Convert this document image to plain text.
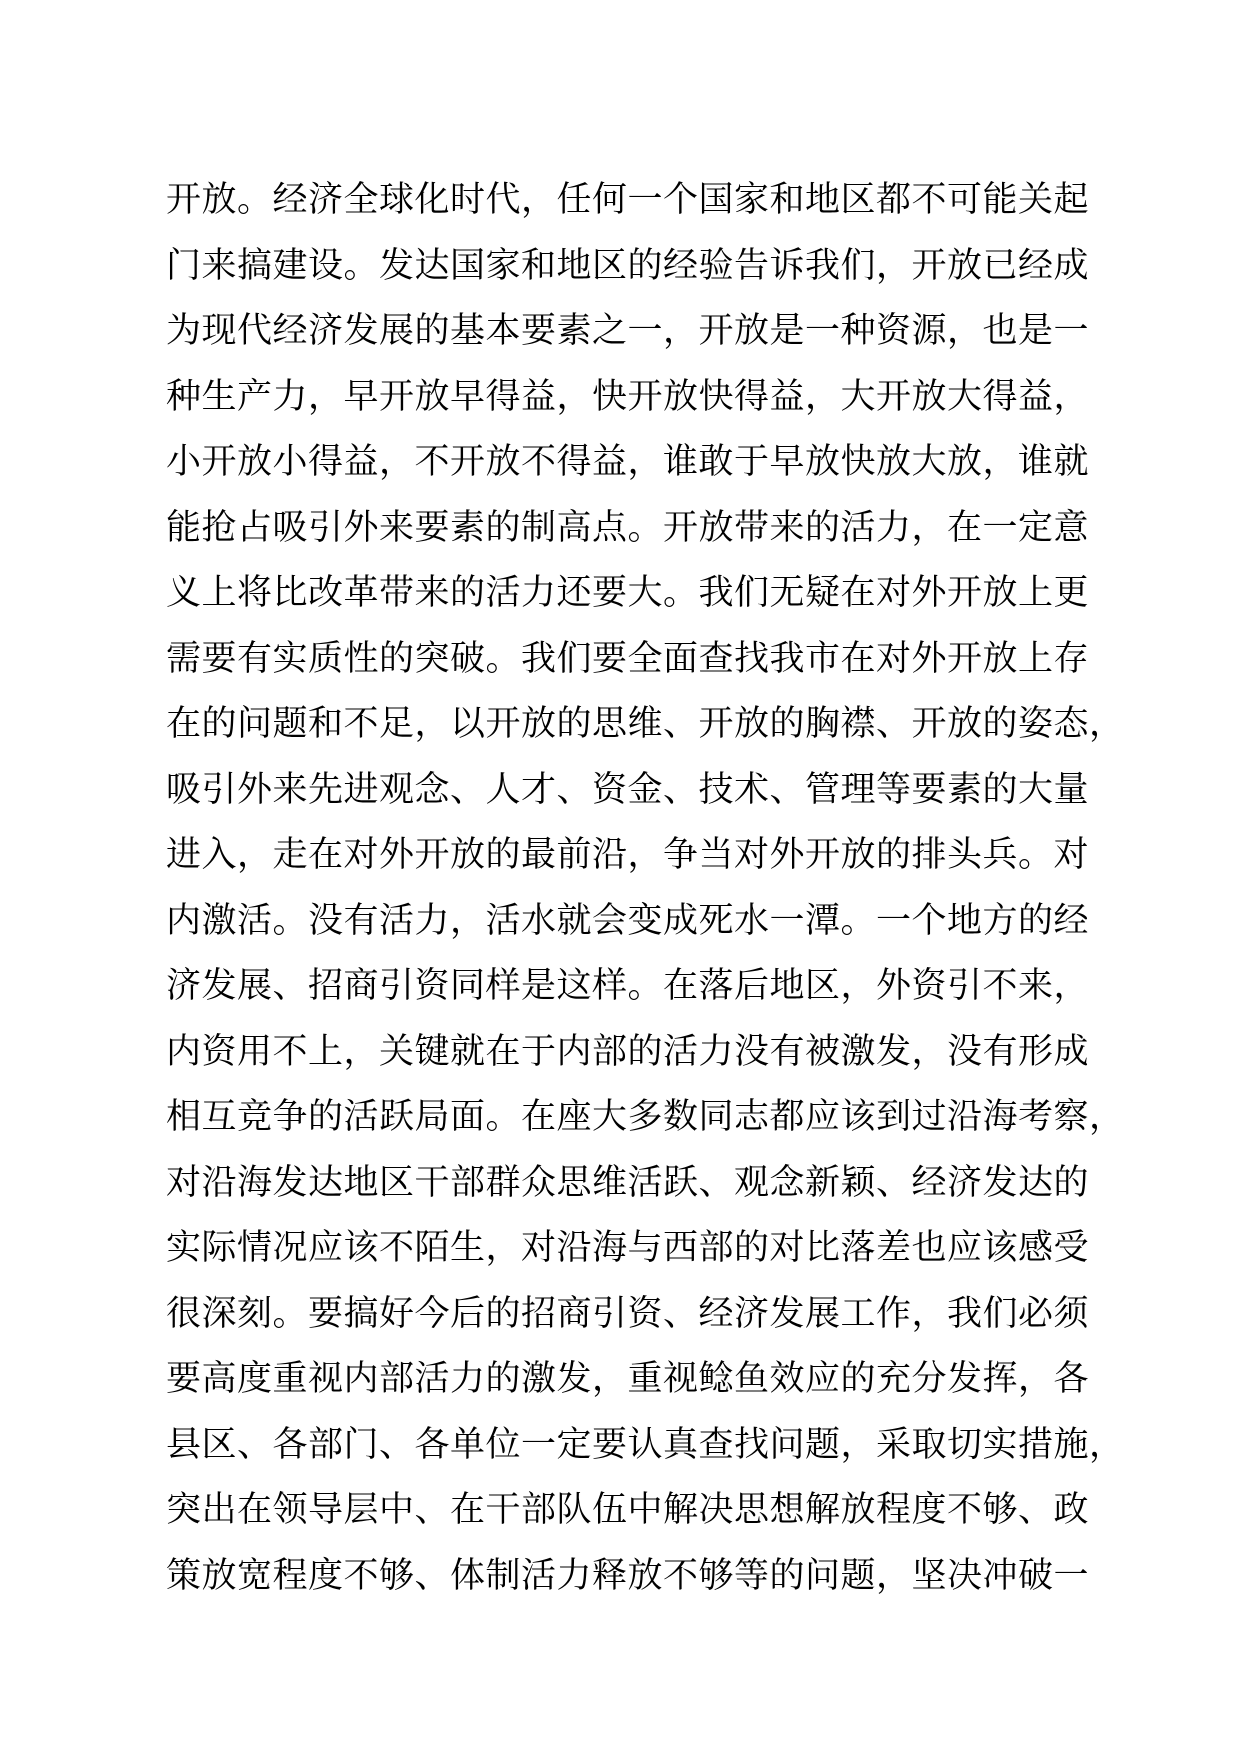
开放。经济全球化时代，任何一个国家和地区都不可能关起
门来搞建设。发达国家和地区的经验告诉我们，开放已经成
为现代经济发展的基本要素之一，开放是一种资源，也是一
种生产力，早开放早得益，快开放快得益，大开放大得益，
小开放小得益，不开放不得益，谁敢于早放快放大放，谁就
能抢占吸引外来要素的制高点。开放带来的活力，在一定意
义上将比改革带来的活力还要大。我们无疑在对外开放上更
需要有实质性的突破。我们要全面查找我市在对外开放上存
在的问题和不足，以开放的思维、开放的胸襟、开放的姿态，
吸引外来先进观念、人才、资金、技术、管理等要素的大量
进入，走在对外开放的最前沿，争当对外开放的排头兵。对
内激活。没有活力，活水就会变成死水一潭。一个地方的经
济发展、招商引资同样是这样。在落后地区，外资引不来，
内资用不上，关键就在于内部的活力没有被激发，没有形成
相互竞争的活跃局面。在座大多数同志都应该到过沿海考察，
对沿海发达地区干部群众思维活跃、观念新颖、经济发达的
实际情况应该不陌生，对沿海与西部的对比落差也应该感受
很深刻。要搞好今后的招商引资、经济发展工作，我们必须
要高度重视内部活力的激发，重视鲶鱼效应的充分发挥，各
县区、各部门、各单位一定要认真查找问题，采取切实措施，
突出在领导层中、在干部队伍中解决思想解放程度不够、政
策放宽程度不够、体制活力释放不够等的问题，坚决冲破一
